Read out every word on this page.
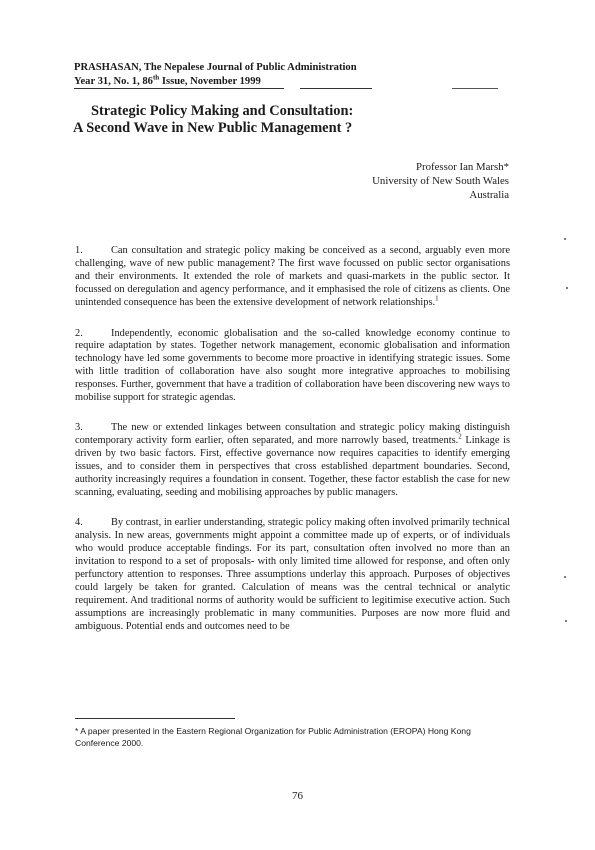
PRASHASAN, The Nepalese Journal of Public Administration
Year 31, No. 1, 86th Issue, November 1999
Strategic Policy Making and Consultation:
A Second Wave in New Public Management ?
Professor Ian Marsh*
University of New South Wales
Australia

1.	Can consultation and strategic policy making be conceived as a second, arguably even more challenging, wave of new public management? The first wave focussed on public sector organisations and their environments. It extended the role of markets and quasi-markets in the public sector. It focussed on deregulation and agency performance, and it emphasised the role of citizens as clients. One unintended consequence has been the extensive development of network relationships.$^1$

2.	Independently, economic globalisation and the so-called knowledge economy continue to require adaptation by states. Together network management, economic globalisation and information technology have led some governments to become more proactive in identifying strategic issues. Some with little tradition of collaboration have also sought more integrative approaches to mobilising responses. Further, government that have a tradition of collaboration have been discovering new ways to mobilise support for strategic agendas.

3.	The new or extended linkages between consultation and strategic policy making distinguish contemporary activity form earlier, often separated, and more narrowly based, treatments.$^2$ Linkage is driven by two basic factors. First, effective governance now requires capacities to identify emerging issues, and to consider them in perspectives that cross established department boundaries. Second, authority increasingly requires a foundation in consent. Together, these factor establish the case for new scanning, evaluating, seeding and mobilising approaches by public managers.

4.	By contrast, in earlier understanding, strategic policy making often involved primarily technical analysis. In new areas, governments might appoint a committee made up of experts, or of individuals who would produce acceptable findings. For its part, consultation often involved no more than an invitation to respond to a set of proposals- with only limited time allowed for response, and often only perfunctory attention to responses. Three assumptions underlay this approach. Purposes of objectives could largely be taken for granted. Calculation of means was the central technical or analytic requirement. And traditional norms of authority would be sufficient to legitimise executive action. Such assumptions are increasingly problematic in many communities. Purposes are now more fluid and ambiguous. Potential ends and outcomes need to be

* A paper presented in the Eastern Regional Organization for Public Administration (EROPA) Hong Kong Conference 2000.
76
